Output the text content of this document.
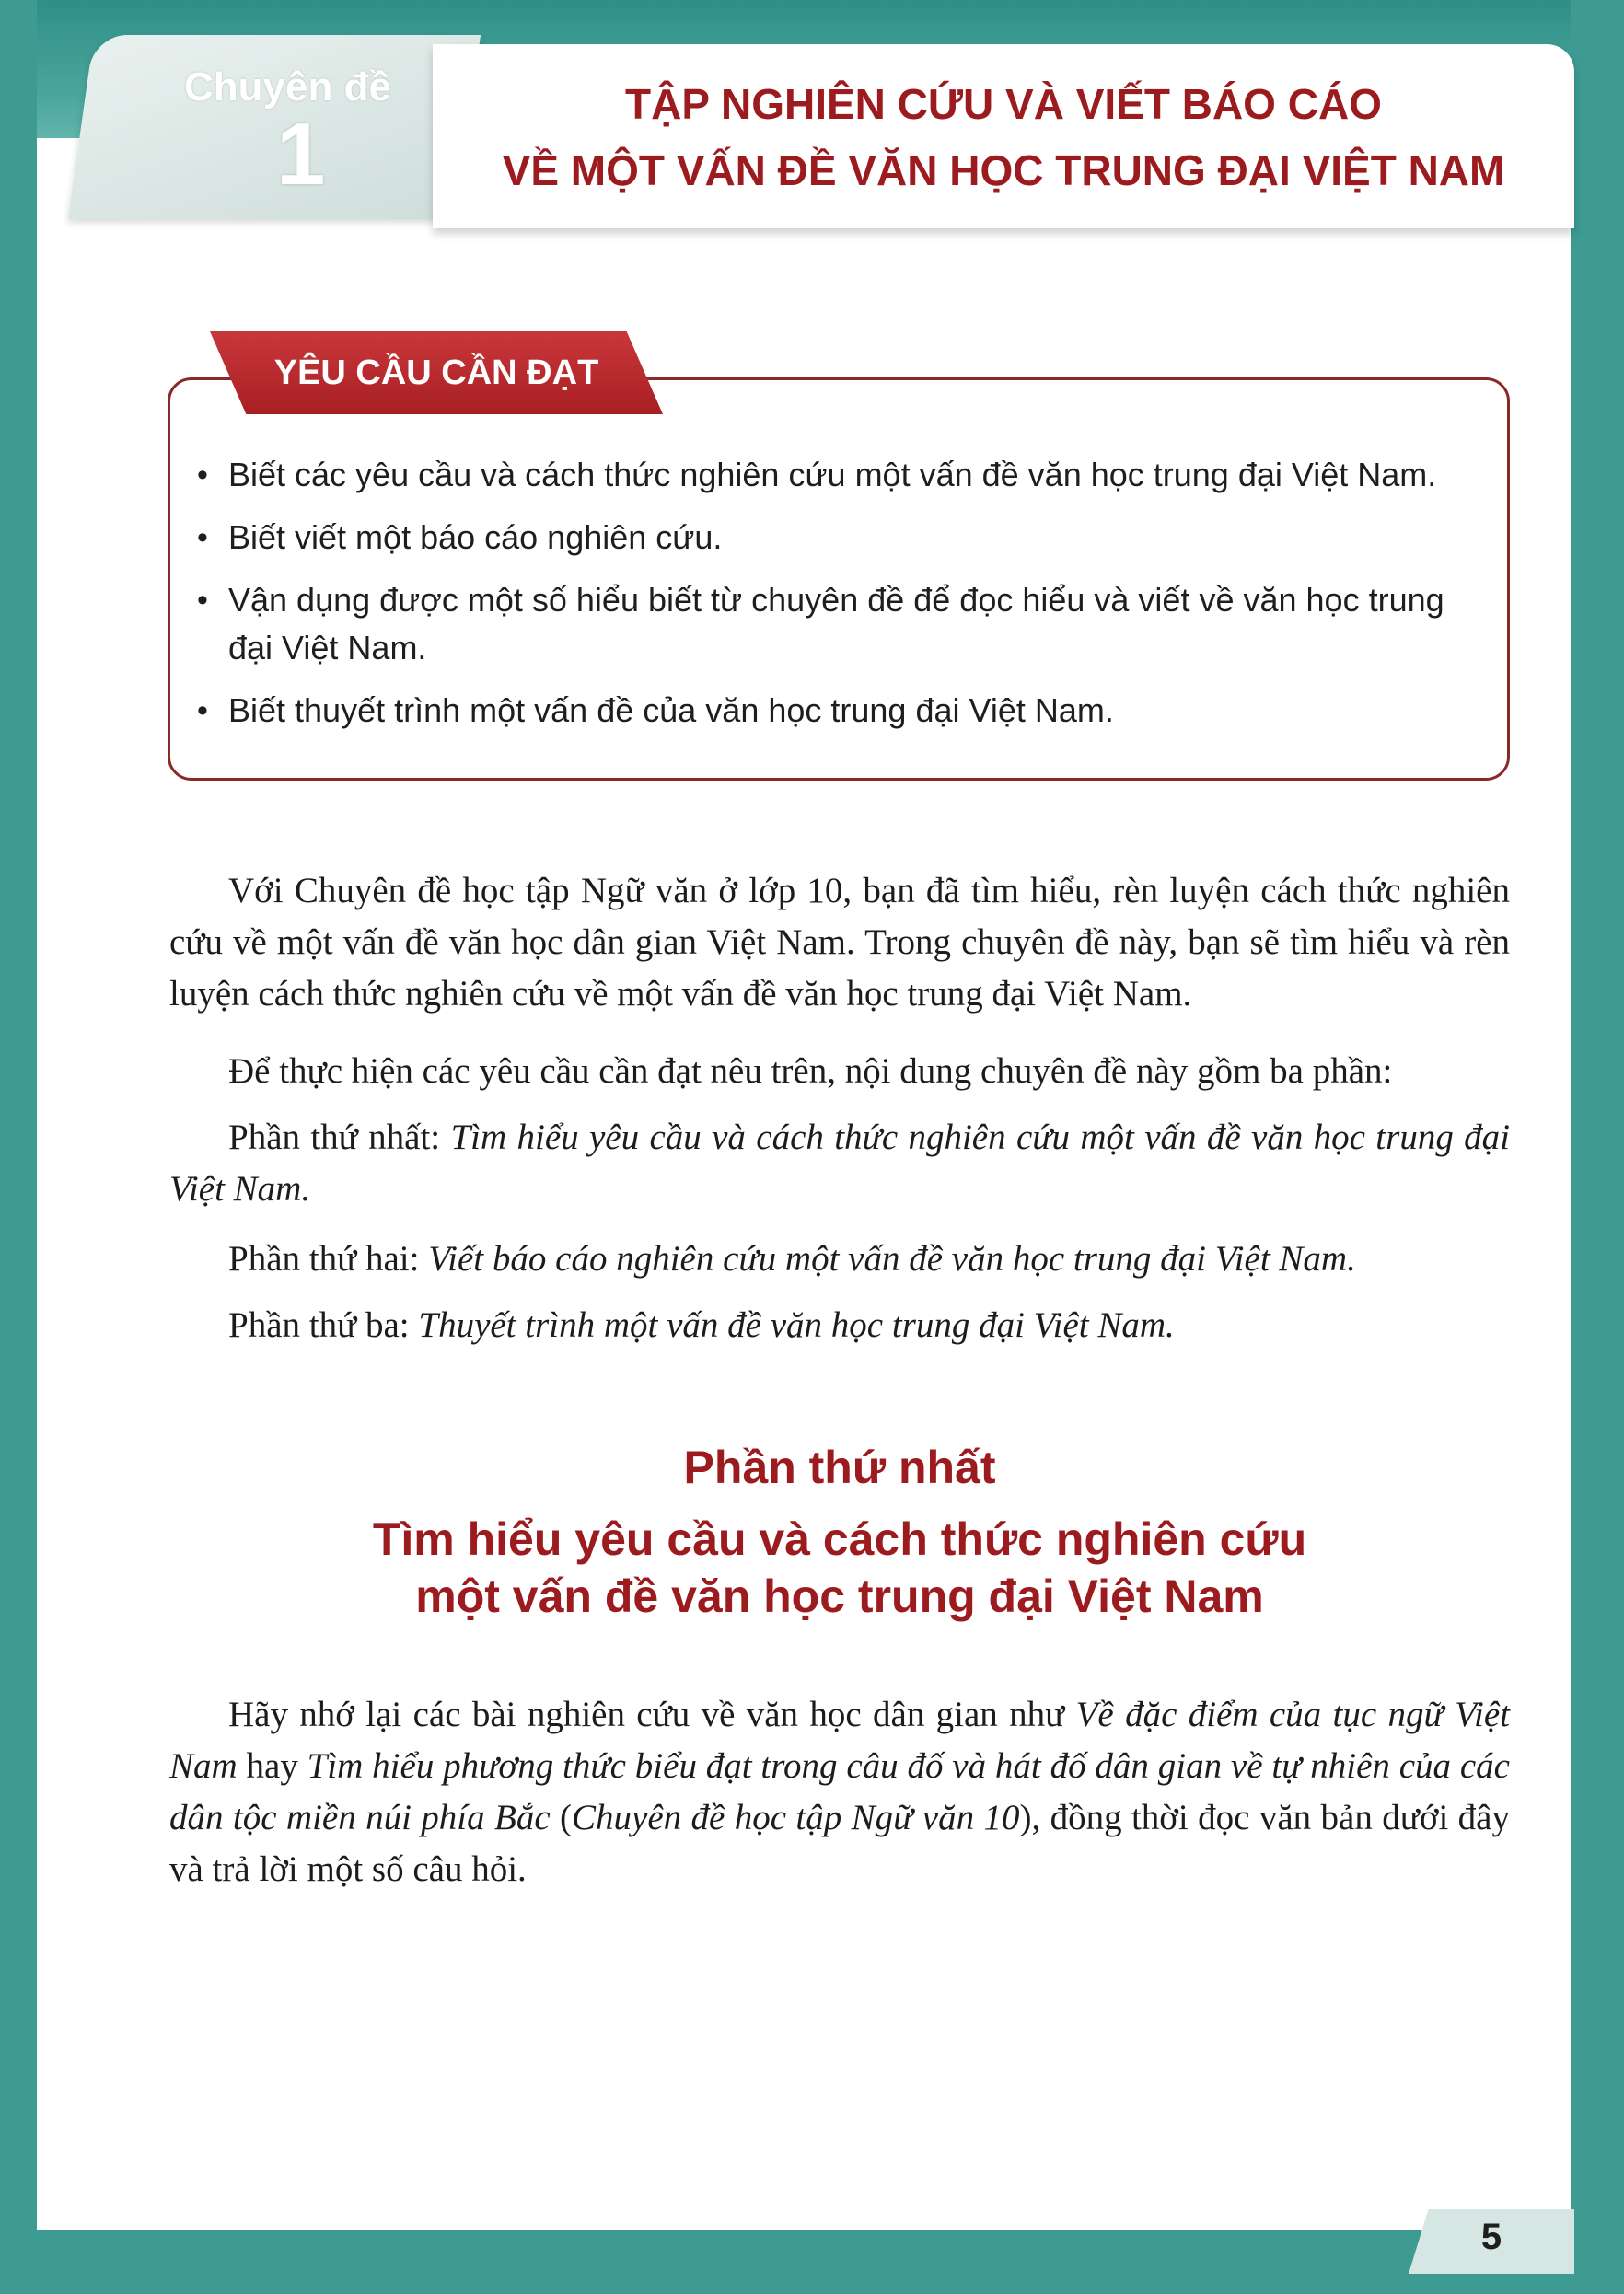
Chuyên đề
1
TẬP NGHIÊN CỨU VÀ VIẾT BÁO CÁO
VỀ MỘT VẤN ĐỀ VĂN HỌC TRUNG ĐẠI VIỆT NAM
YÊU CẦU CẦN ĐẠT
• Biết các yêu cầu và cách thức nghiên cứu một vấn đề văn học trung đại Việt Nam.
• Biết viết một báo cáo nghiên cứu.
• Vận dụng được một số hiểu biết từ chuyên đề để đọc hiểu và viết về văn học trung đại Việt Nam.
• Biết thuyết trình một vấn đề của văn học trung đại Việt Nam.

Với Chuyên đề học tập Ngữ văn ở lớp 10, bạn đã tìm hiểu, rèn luyện cách thức nghiên cứu về một vấn đề văn học dân gian Việt Nam. Trong chuyên đề này, bạn sẽ tìm hiểu và rèn luyện cách thức nghiên cứu về một vấn đề văn học trung đại Việt Nam.

Để thực hiện các yêu cầu cần đạt nêu trên, nội dung chuyên đề này gồm ba phần:

Phần thứ nhất: Tìm hiểu yêu cầu và cách thức nghiên cứu một vấn đề văn học trung đại Việt Nam.

Phần thứ hai: Viết báo cáo nghiên cứu một vấn đề văn học trung đại Việt Nam.

Phần thứ ba: Thuyết trình một vấn đề văn học trung đại Việt Nam.

Phần thứ nhất
Tìm hiểu yêu cầu và cách thức nghiên cứu
một vấn đề văn học trung đại Việt Nam

Hãy nhớ lại các bài nghiên cứu về văn học dân gian như Về đặc điểm của tục ngữ Việt Nam hay Tìm hiểu phương thức biểu đạt trong câu đố và hát đố dân gian về tự nhiên của các dân tộc miền núi phía Bắc (Chuyên đề học tập Ngữ văn 10), đồng thời đọc văn bản dưới đây và trả lời một số câu hỏi.

5
